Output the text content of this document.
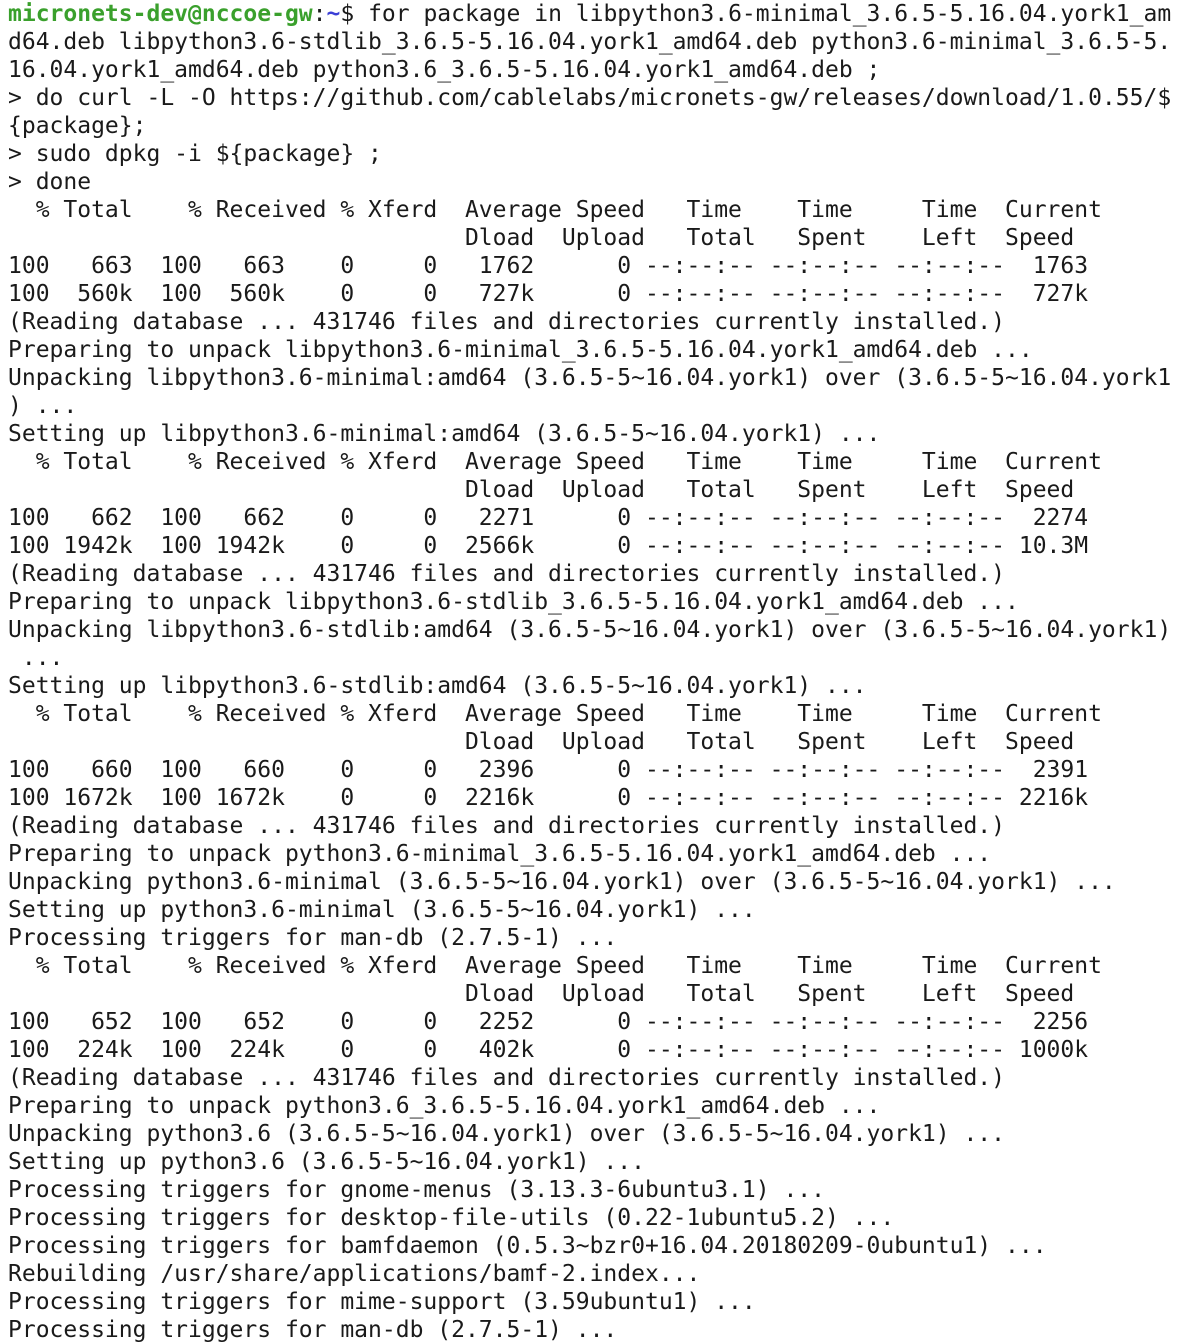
micronets-dev@nccoe-gw:~$ for package in libpython3.6-minimal_3.6.5-5.16.04.york1_am
d64.deb libpython3.6-stdlib_3.6.5-5.16.04.york1_amd64.deb python3.6-minimal_3.6.5-5.
16.04.york1_amd64.deb python3.6_3.6.5-5.16.04.york1_amd64.deb ;
> do curl -L -O https://github.com/cablelabs/micronets-gw/releases/download/1.0.55/$
{package};
> sudo dpkg -i ${package} ;
> done
% Total    % Received % Xferd  Average Speed   Time    Time     Time  Current
Dload  Upload   Total   Spent    Left  Speed
100   663  100   663    0     0   1762      0 --:--:-- --:--:-- --:--:--  1763
100  560k  100  560k    0     0   727k      0 --:--:-- --:--:-- --:--:--  727k
(Reading database ... 431746 files and directories currently installed.)
Preparing to unpack libpython3.6-minimal_3.6.5-5.16.04.york1_amd64.deb ...
Unpacking libpython3.6-minimal:amd64 (3.6.5-5~16.04.york1) over (3.6.5-5~16.04.york1
) ...
Setting up libpython3.6-minimal:amd64 (3.6.5-5~16.04.york1) ...
% Total    % Received % Xferd  Average Speed   Time    Time     Time  Current
Dload  Upload   Total   Spent    Left  Speed
100   662  100   662    0     0   2271      0 --:--:-- --:--:-- --:--:--  2274
100 1942k  100 1942k    0     0  2566k      0 --:--:-- --:--:-- --:--:-- 10.3M
(Reading database ... 431746 files and directories currently installed.)
Preparing to unpack libpython3.6-stdlib_3.6.5-5.16.04.york1_amd64.deb ...
Unpacking libpython3.6-stdlib:amd64 (3.6.5-5~16.04.york1) over (3.6.5-5~16.04.york1)
...
Setting up libpython3.6-stdlib:amd64 (3.6.5-5~16.04.york1) ...
% Total    % Received % Xferd  Average Speed   Time    Time     Time  Current
Dload  Upload   Total   Spent    Left  Speed
100   660  100   660    0     0   2396      0 --:--:-- --:--:-- --:--:--  2391
100 1672k  100 1672k    0     0  2216k      0 --:--:-- --:--:-- --:--:-- 2216k
(Reading database ... 431746 files and directories currently installed.)
Preparing to unpack python3.6-minimal_3.6.5-5.16.04.york1_amd64.deb ...
Unpacking python3.6-minimal (3.6.5-5~16.04.york1) over (3.6.5-5~16.04.york1) ...
Setting up python3.6-minimal (3.6.5-5~16.04.york1) ...
Processing triggers for man-db (2.7.5-1) ...
% Total    % Received % Xferd  Average Speed   Time    Time     Time  Current
Dload  Upload   Total   Spent    Left  Speed
100   652  100   652    0     0   2252      0 --:--:-- --:--:-- --:--:--  2256
100  224k  100  224k    0     0   402k      0 --:--:-- --:--:-- --:--:-- 1000k
(Reading database ... 431746 files and directories currently installed.)
Preparing to unpack python3.6_3.6.5-5.16.04.york1_amd64.deb ...
Unpacking python3.6 (3.6.5-5~16.04.york1) over (3.6.5-5~16.04.york1) ...
Setting up python3.6 (3.6.5-5~16.04.york1) ...
Processing triggers for gnome-menus (3.13.3-6ubuntu3.1) ...
Processing triggers for desktop-file-utils (0.22-1ubuntu5.2) ...
Processing triggers for bamfdaemon (0.5.3~bzr0+16.04.20180209-0ubuntu1) ...
Rebuilding /usr/share/applications/bamf-2.index...
Processing triggers for mime-support (3.59ubuntu1) ...
Processing triggers for man-db (2.7.5-1) ...
